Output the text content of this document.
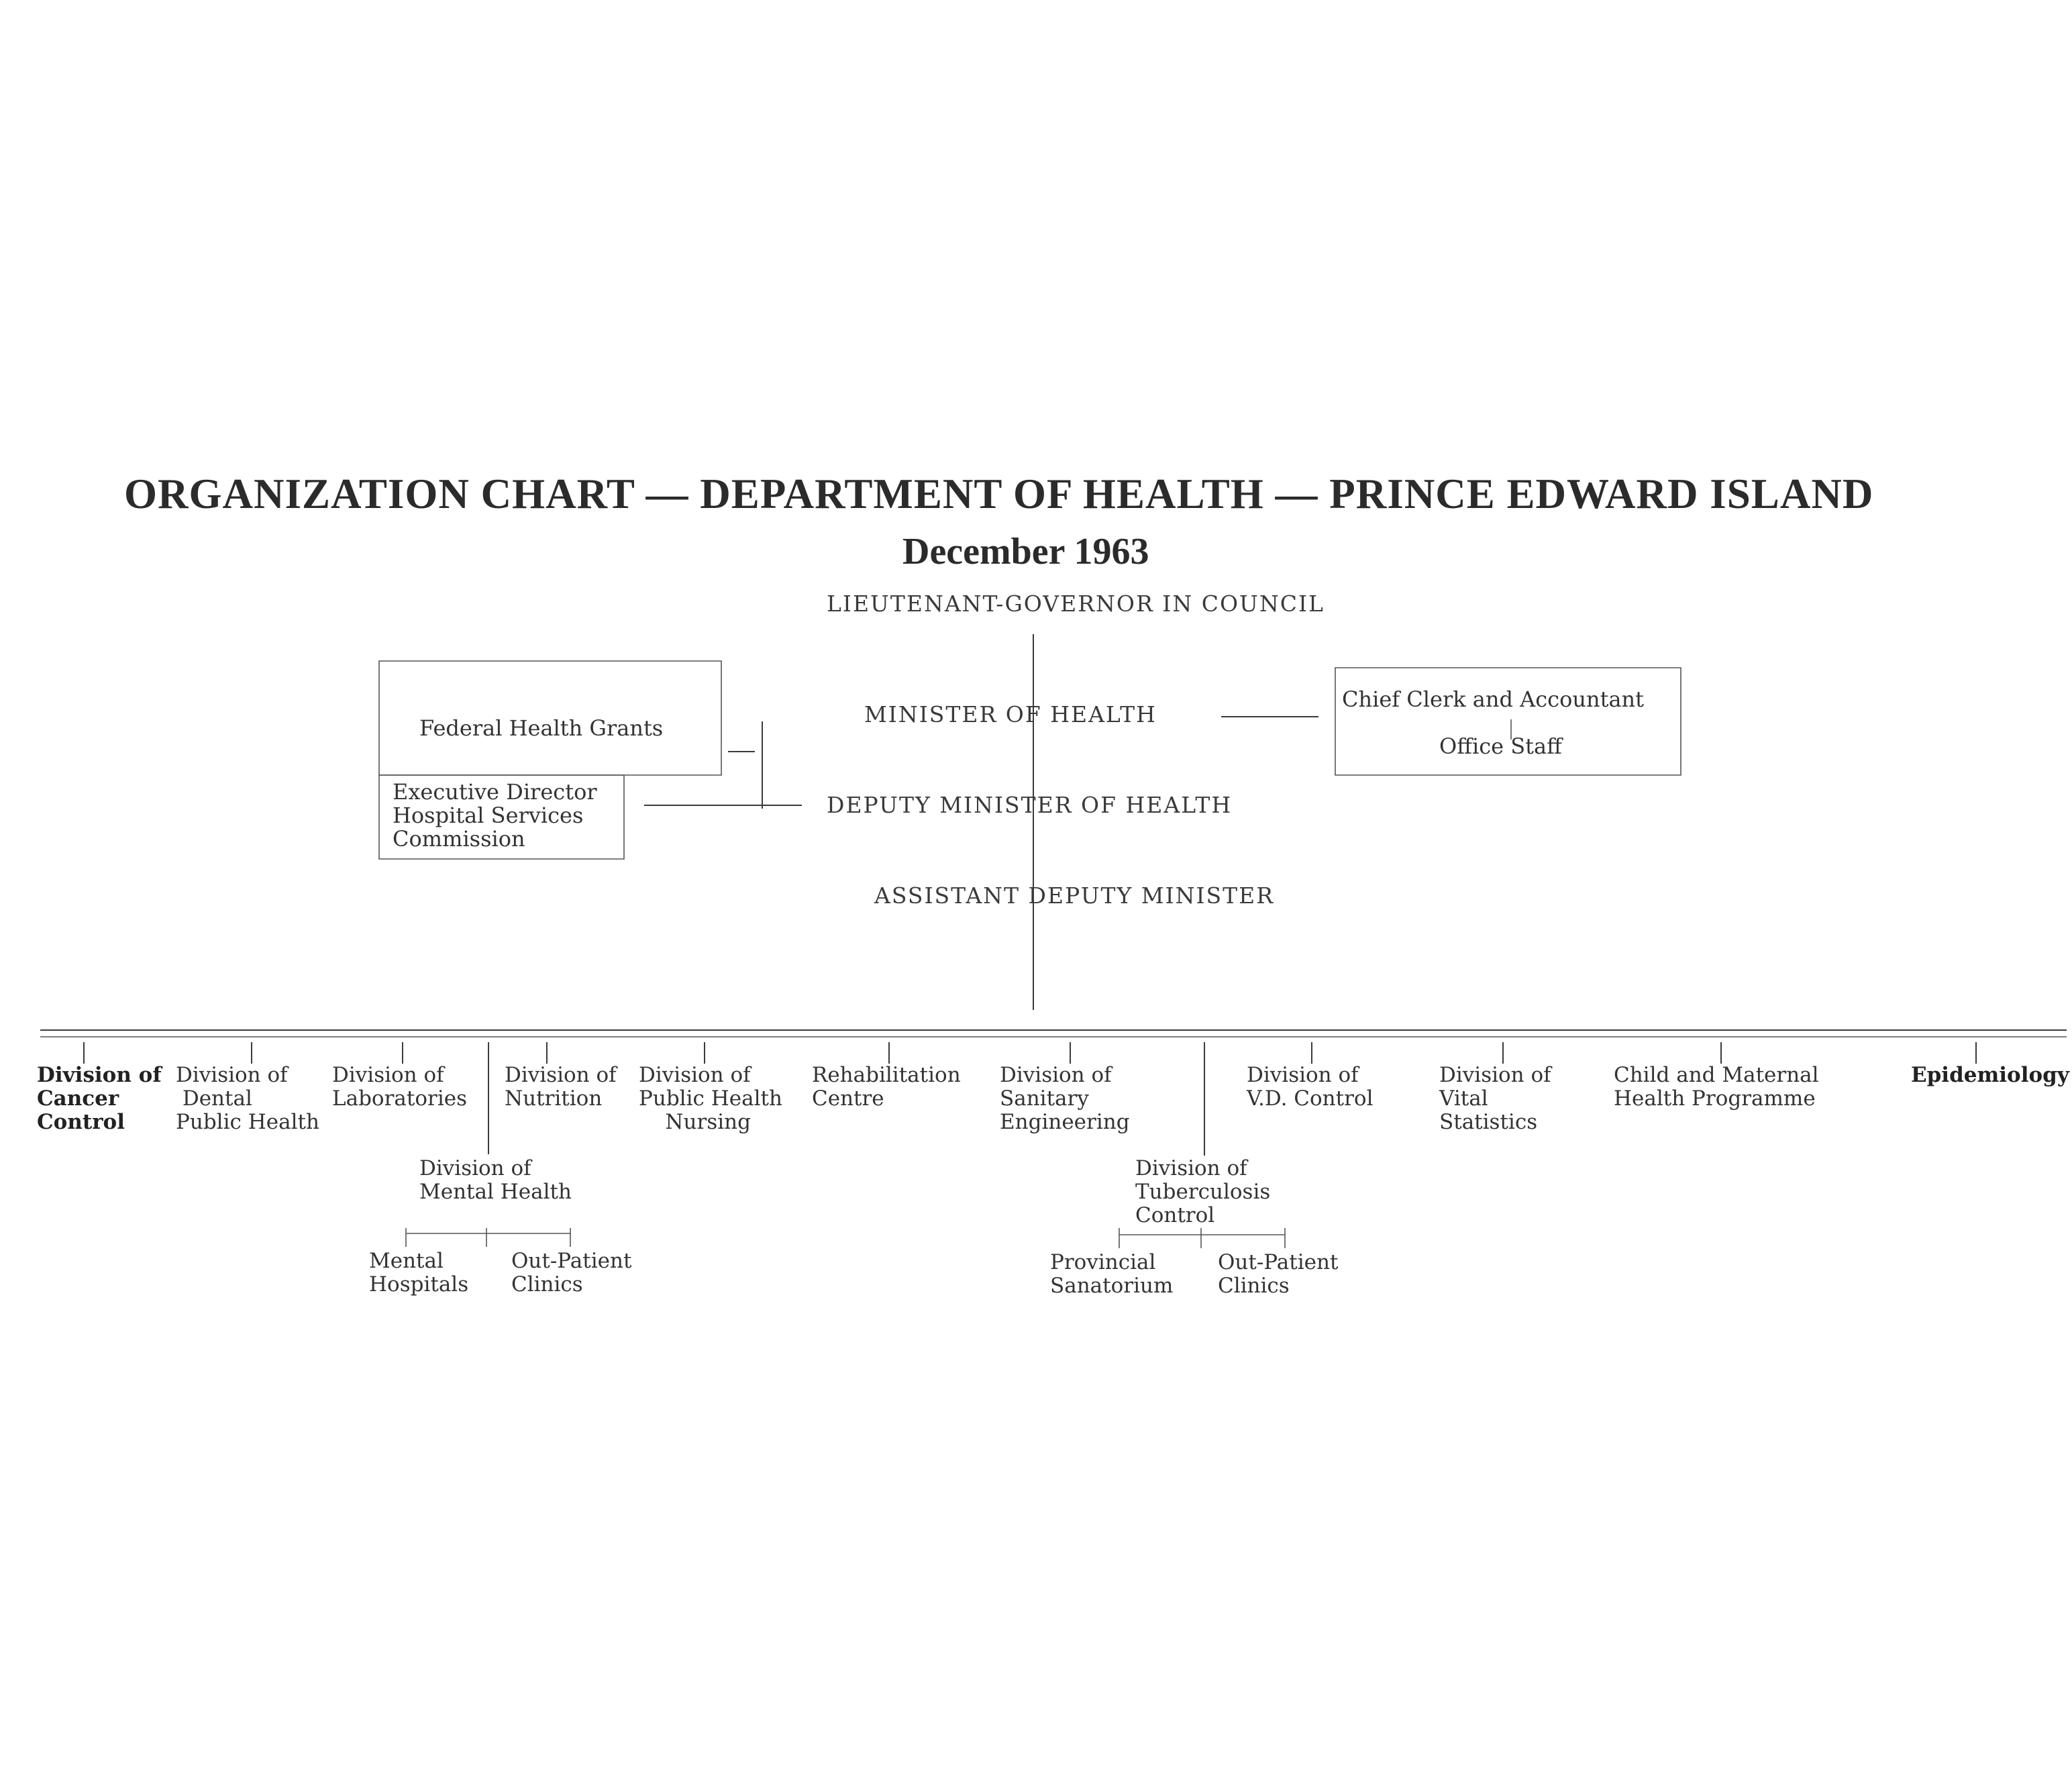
ORGANIZATION CHART — DEPARTMENT OF HEALTH — PRINCE EDWARD ISLAND
December 1963
LIEUTENANT-GOVERNOR IN COUNCIL
MINISTER OF HEALTH
DEPUTY MINISTER OF HEALTH
ASSISTANT DEPUTY MINISTER
Federal Health Grants
Executive Director
Hospital Services
Commission
Chief Clerk and Accountant
Office Staff
Division of
Cancer
Control
Division of
Dental
Public Health
Division of
Laboratories
Division of
Nutrition
Division of
Public Health
Nursing
Rehabilitation
Centre
Division of
Sanitary
Engineering
Division of
V.D. Control
Division of
Vital
Statistics
Child and Maternal
Health Programme
Epidemiology
Division of
Mental Health
Mental
Hospitals
Out-Patient
Clinics
Division of
Tuberculosis
Control
Provincial
Sanatorium
Out-Patient
Clinics
